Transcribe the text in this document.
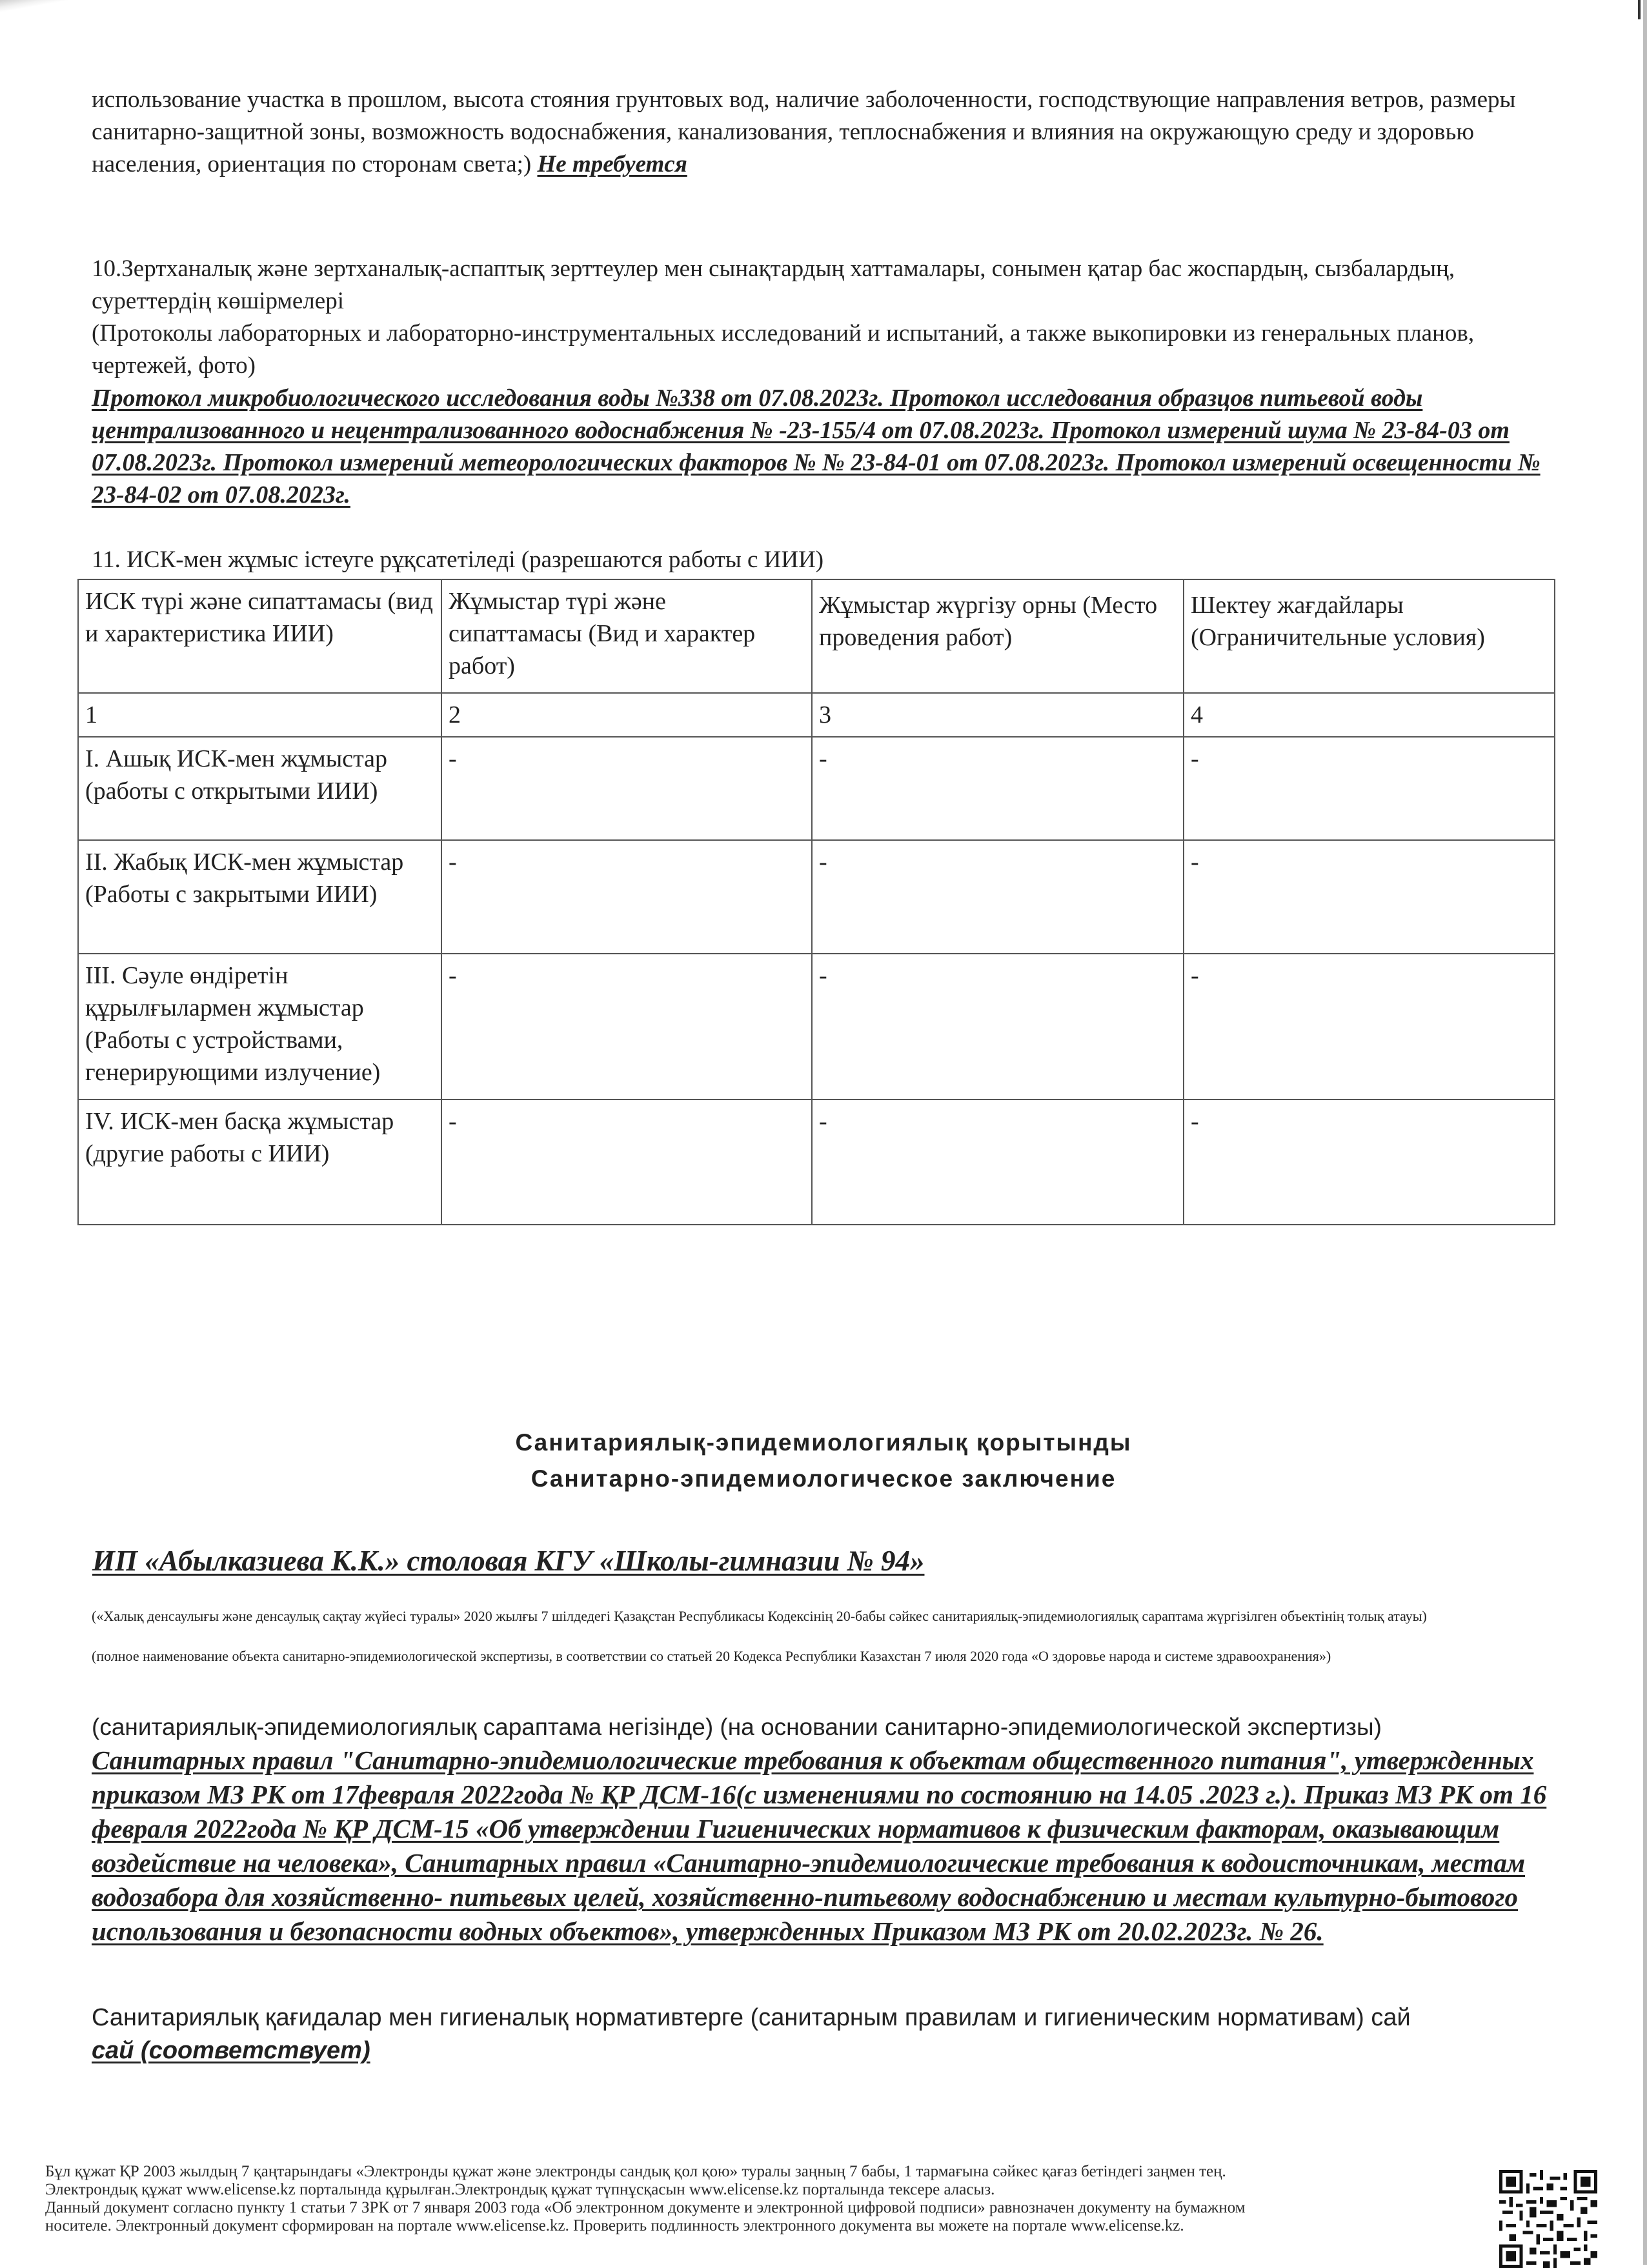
использование участка в прошлом, высота стояния грунтовых вод, наличие заболоченности, господствующие направления ветров, размеры санитарно-защитной зоны, возможность водоснабжения, канализования, теплоснабжения и влияния на окружающую среду и здоровью населения, ориентация по сторонам света;) Не требуется
10.Зертханалық және зертханалық-аспаптық зерттеулер мен сынақтардың хаттамалары, сонымен қатар бас жоспардың, сызбалардың, суреттердің көшірмелері
(Протоколы лабораторных и лабораторно-инструментальных исследований и испытаний, а также выкопировки из генеральных планов, чертежей, фото)
Протокол микробиологического исследования воды №338 от 07.08.2023г. Протокол исследования образцов питьевой воды централизованного и нецентрализованного водоснабжения № -23-155/4 от 07.08.2023г. Протокол измерений шума № 23-84-03 от 07.08.2023г. Протокол измерений метеорологических факторов № № 23-84-01 от 07.08.2023г. Протокол измерений освещенности № 23-84-02 от 07.08.2023г.
11. ИСК-мен жұмыс істеуге рұқсатетіледі (разрешаются работы с ИИИ)
ИСК түрі және сипаттамасы (вид и характеристика ИИИ)	Жұмыстар түрі және сипаттамасы (Вид и характер работ)	Жұмыстар жүргізу орны (Место проведения работ)	Шектеу жағдайлары (Ограничительные условия)
1	2	3	4
I. Ашық ИСК-мен жұмыстар (работы с открытыми ИИИ)	-	-	-
II. Жабық ИСК-мен жұмыстар (Работы с закрытыми ИИИ)	-	-	-
III. Сәуле өндіретін құрылғылармен жұмыстар (Работы с устройствами, генерирующими излучение)	-	-	-
IV. ИСК-мен басқа жұмыстар (другие работы с ИИИ)	-	-	-
Санитариялық-эпидемиологиялық қорытынды
Санитарно-эпидемиологическое заключение
ИП «Абылказиева К.К.» столовая КГУ «Школы-гимназии № 94»
(«Халық денсаулығы және денсаулық сақтау жүйесі туралы» 2020 жылғы 7 шілдедегі Қазақстан Республикасы Кодексінің 20-бабы сәйкес санитариялық-эпидемиологиялық сараптама жүргізілген объектінің толық атауы)
(полное наименование объекта санитарно-эпидемиологической экспертизы, в соответствии со статьей 20 Кодекса Республики Казахстан 7 июля 2020 года «О здоровье народа и системе здравоохранения»)
(санитариялық-эпидемиологиялық сараптама негізінде) (на основании санитарно-эпидемиологической экспертизы)
Санитарных правил "Санитарно-эпидемиологические требования к объектам общественного питания", утвержденных приказом МЗ РК от 17февраля 2022года № ҚР ДСМ-16(с изменениями по состоянию на 14.05 .2023 г.). Приказ МЗ РК от 16 февраля 2022года № ҚР ДСМ-15 «Об утверждении Гигиенических нормативов к физическим факторам, оказывающим воздействие на человека», Санитарных правил «Санитарно-эпидемиологические требования к водоисточникам, местам водозабора для хозяйственно- питьевых целей, хозяйственно-питьевому водоснабжению и местам культурно-бытового использования и безопасности водных объектов», утвержденных Приказом МЗ РК от 20.02.2023г. № 26.
Санитариялық қағидалар мен гигиеналық нормативтерге (санитарным правилам и гигиеническим нормативам) сай
сай (соответствует)
Бұл құжат ҚР 2003 жылдың 7 қаңтарындағы «Электронды құжат және электронды сандық қол қою» туралы заңның 7 бабы, 1 тармағына сәйкес қағаз бетіндегі заңмен тең.
Электрондық құжат www.elicense.kz порталында құрылған.Электрондық құжат түпнұсқасын www.elicense.kz порталында тексере аласыз.
Данный документ согласно пункту 1 статьи 7 ЗРК от 7 января 2003 года «Об электронном документе и электронной цифровой подписи» равнозначен документу на бумажном
носителе. Электронный документ сформирован на портале www.elicense.kz. Проверить подлинность электронного документа вы можете на портале www.elicense.kz.
